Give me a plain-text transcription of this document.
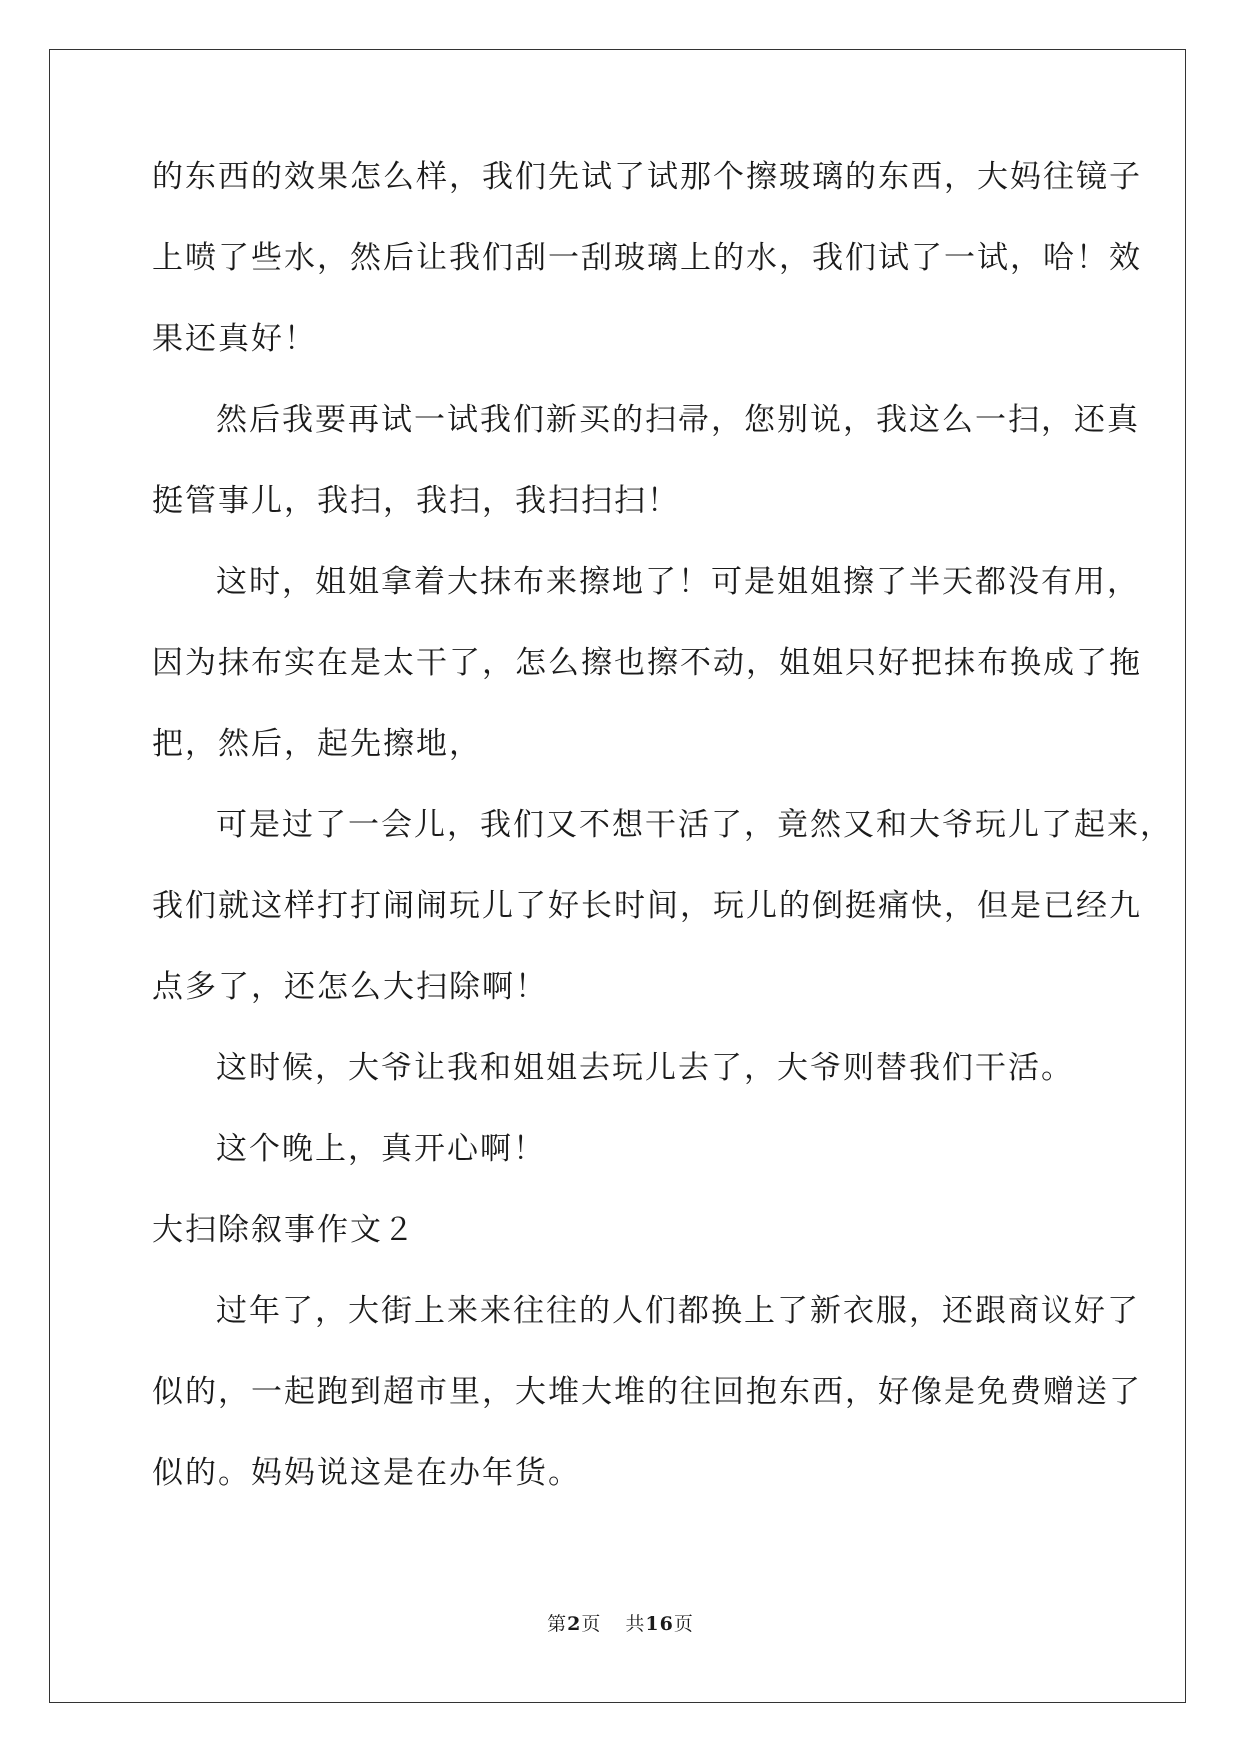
的东西的效果怎么样，我们先试了试那个擦玻璃的东西，大妈往镜子
上喷了些水，然后让我们刮一刮玻璃上的水，我们试了一试，哈！效
果还真好！
然后我要再试一试我们新买的扫帚，您别说，我这么一扫，还真
挺管事儿，我扫，我扫，我扫扫扫！
这时，姐姐拿着大抹布来擦地了！可是姐姐擦了半天都没有用，
因为抹布实在是太干了，怎么擦也擦不动，姐姐只好把抹布换成了拖
把，然后，起先擦地，
可是过了一会儿，我们又不想干活了，竟然又和大爷玩儿了起来，
我们就这样打打闹闹玩儿了好长时间，玩儿的倒挺痛快，但是已经九
点多了，还怎么大扫除啊！
这时候，大爷让我和姐姐去玩儿去了，大爷则替我们干活。
这个晚上，真开心啊！
大扫除叙事作文２
过年了，大街上来来往往的人们都换上了新衣服，还跟商议好了
似的，一起跑到超市里，大堆大堆的往回抱东西，好像是免费赠送了
似的。妈妈说这是在办年货。
第2页 共16页
